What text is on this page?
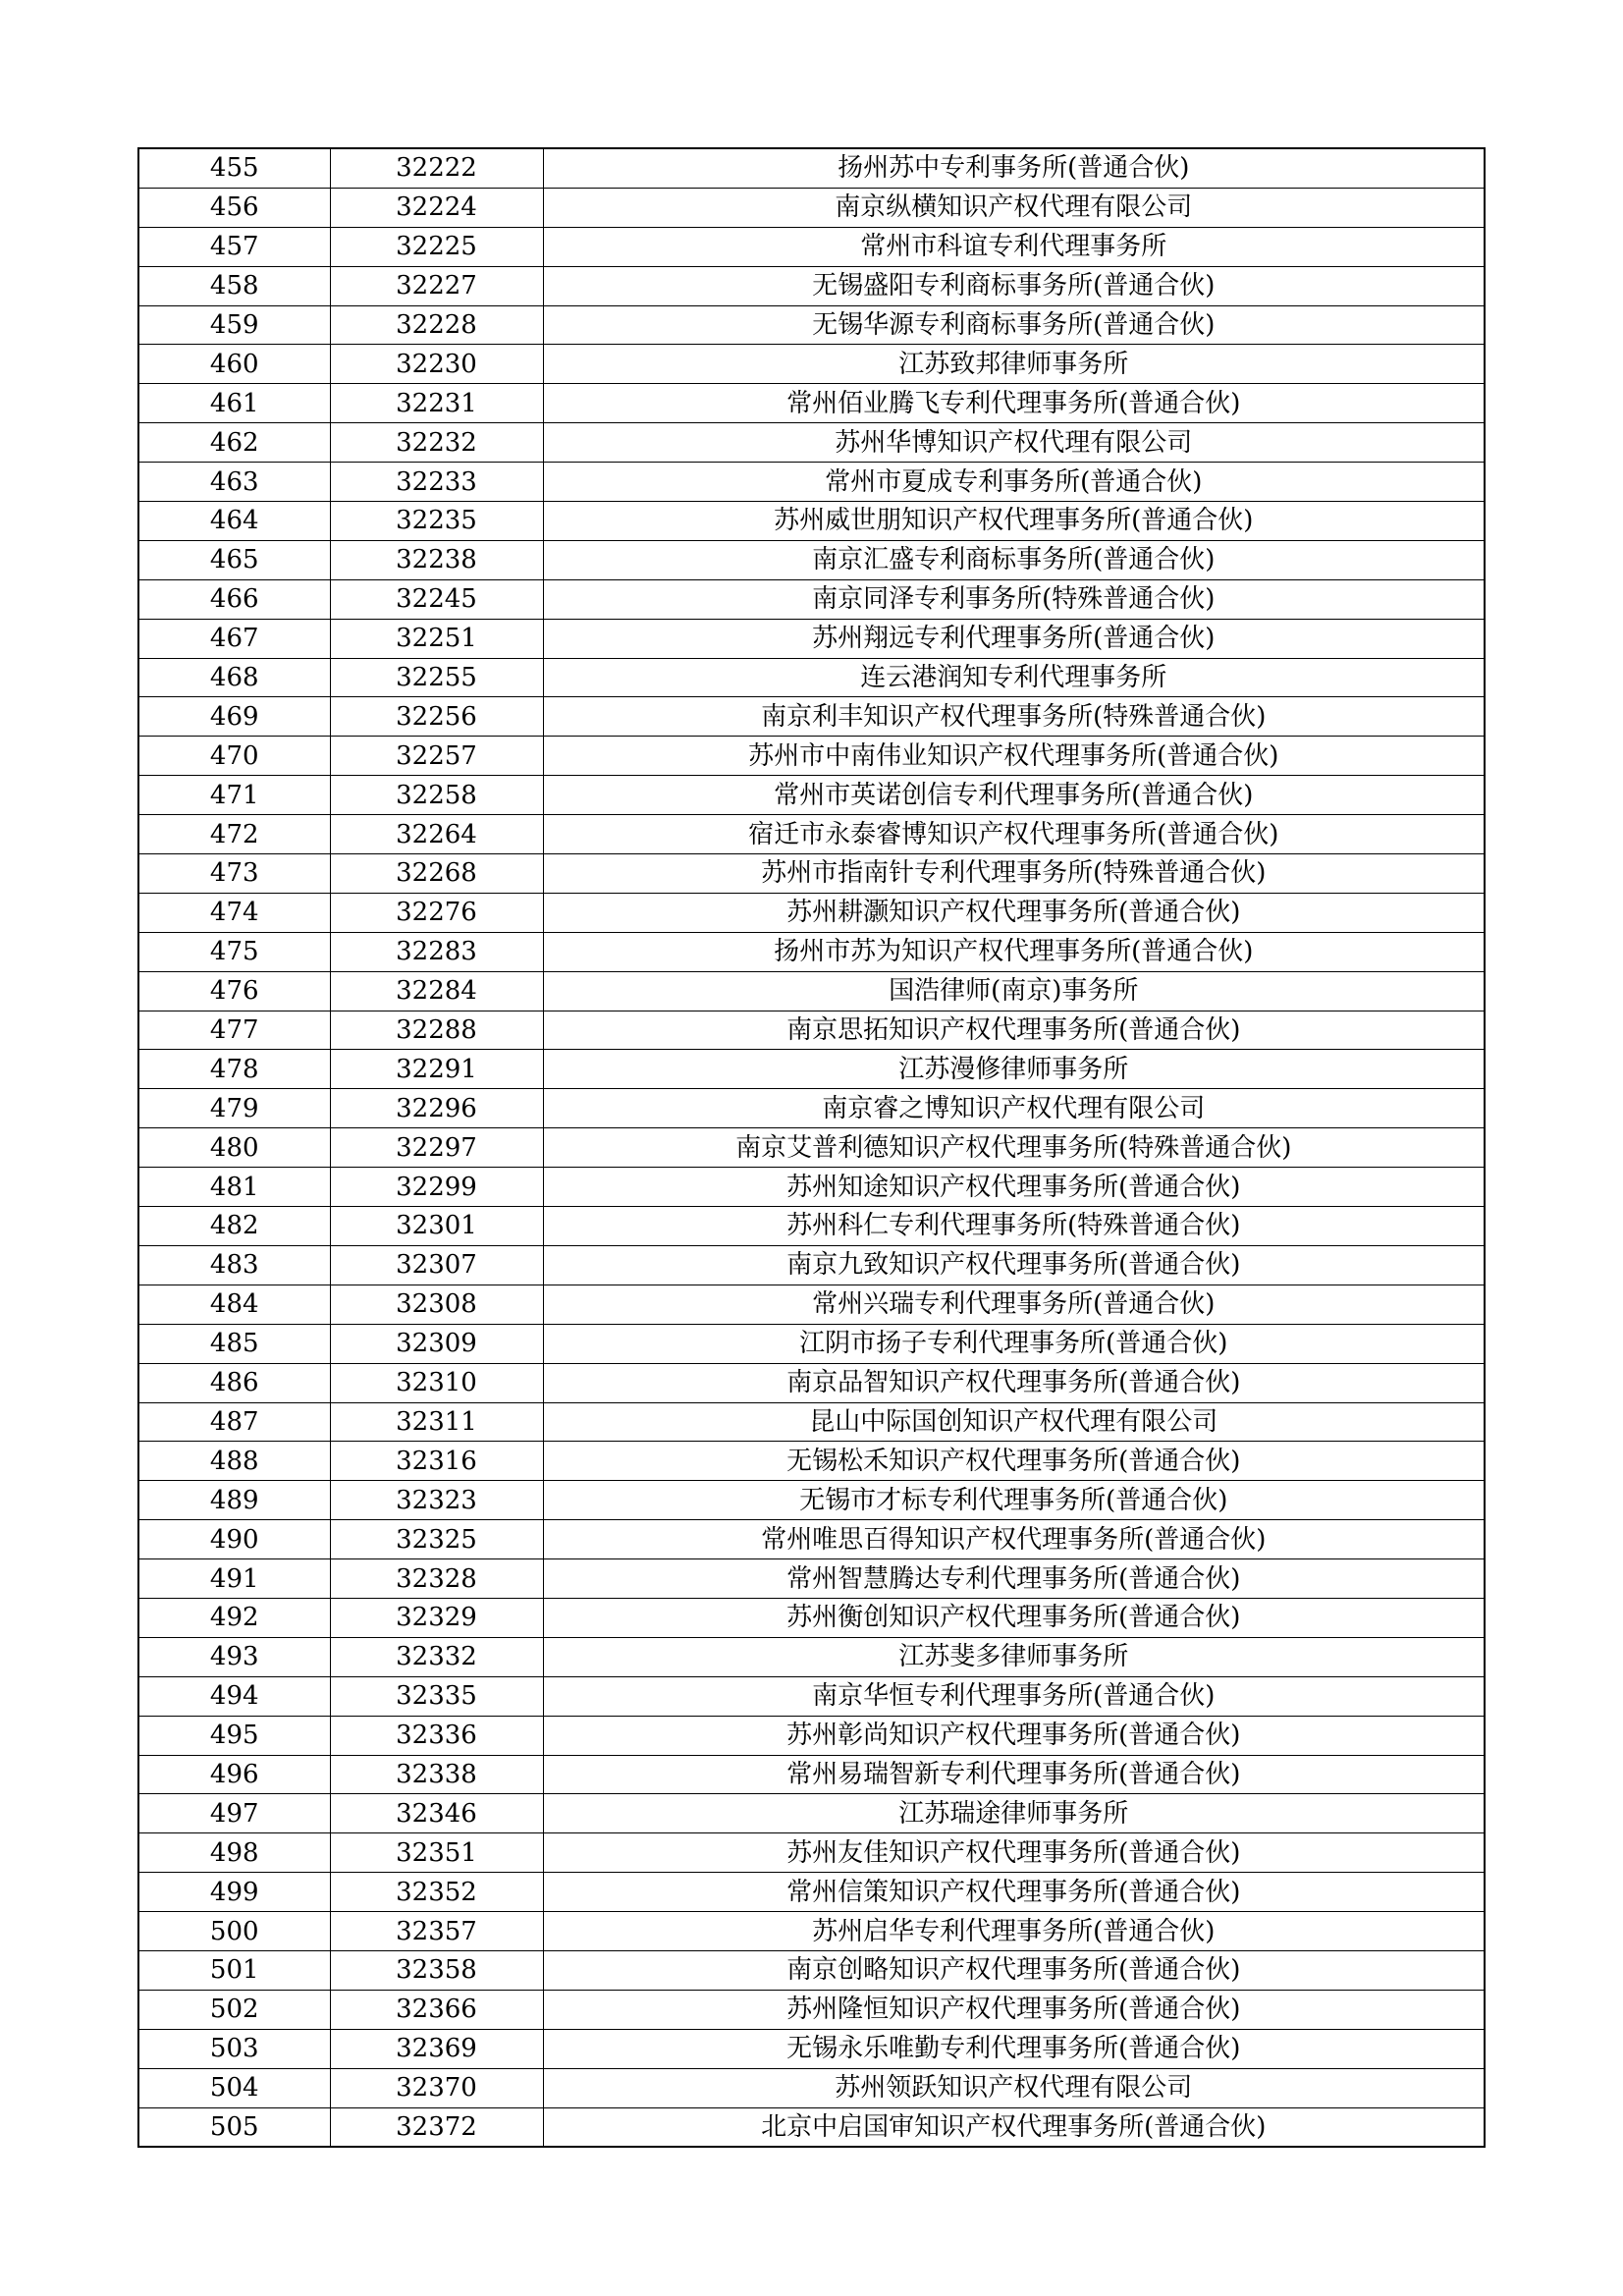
455	32222	扬州苏中专利事务所(普通合伙)
456	32224	南京纵横知识产权代理有限公司
457	32225	常州市科谊专利代理事务所
458	32227	无锡盛阳专利商标事务所(普通合伙)
459	32228	无锡华源专利商标事务所(普通合伙)
460	32230	江苏致邦律师事务所
461	32231	常州佰业腾飞专利代理事务所(普通合伙)
462	32232	苏州华博知识产权代理有限公司
463	32233	常州市夏成专利事务所(普通合伙)
464	32235	苏州威世朋知识产权代理事务所(普通合伙)
465	32238	南京汇盛专利商标事务所(普通合伙)
466	32245	南京同泽专利事务所(特殊普通合伙)
467	32251	苏州翔远专利代理事务所(普通合伙)
468	32255	连云港润知专利代理事务所
469	32256	南京利丰知识产权代理事务所(特殊普通合伙)
470	32257	苏州市中南伟业知识产权代理事务所(普通合伙)
471	32258	常州市英诺创信专利代理事务所(普通合伙)
472	32264	宿迁市永泰睿博知识产权代理事务所(普通合伙)
473	32268	苏州市指南针专利代理事务所(特殊普通合伙)
474	32276	苏州耕灏知识产权代理事务所(普通合伙)
475	32283	扬州市苏为知识产权代理事务所(普通合伙)
476	32284	国浩律师(南京)事务所
477	32288	南京思拓知识产权代理事务所(普通合伙)
478	32291	江苏漫修律师事务所
479	32296	南京睿之博知识产权代理有限公司
480	32297	南京艾普利德知识产权代理事务所(特殊普通合伙)
481	32299	苏州知途知识产权代理事务所(普通合伙)
482	32301	苏州科仁专利代理事务所(特殊普通合伙)
483	32307	南京九致知识产权代理事务所(普通合伙)
484	32308	常州兴瑞专利代理事务所(普通合伙)
485	32309	江阴市扬子专利代理事务所(普通合伙)
486	32310	南京品智知识产权代理事务所(普通合伙)
487	32311	昆山中际国创知识产权代理有限公司
488	32316	无锡松禾知识产权代理事务所(普通合伙)
489	32323	无锡市才标专利代理事务所(普通合伙)
490	32325	常州唯思百得知识产权代理事务所(普通合伙)
491	32328	常州智慧腾达专利代理事务所(普通合伙)
492	32329	苏州衡创知识产权代理事务所(普通合伙)
493	32332	江苏斐多律师事务所
494	32335	南京华恒专利代理事务所(普通合伙)
495	32336	苏州彰尚知识产权代理事务所(普通合伙)
496	32338	常州易瑞智新专利代理事务所(普通合伙)
497	32346	江苏瑞途律师事务所
498	32351	苏州友佳知识产权代理事务所(普通合伙)
499	32352	常州信策知识产权代理事务所(普通合伙)
500	32357	苏州启华专利代理事务所(普通合伙)
501	32358	南京创略知识产权代理事务所(普通合伙)
502	32366	苏州隆恒知识产权代理事务所(普通合伙)
503	32369	无锡永乐唯勤专利代理事务所(普通合伙)
504	32370	苏州领跃知识产权代理有限公司
505	32372	北京中启国审知识产权代理事务所(普通合伙)
